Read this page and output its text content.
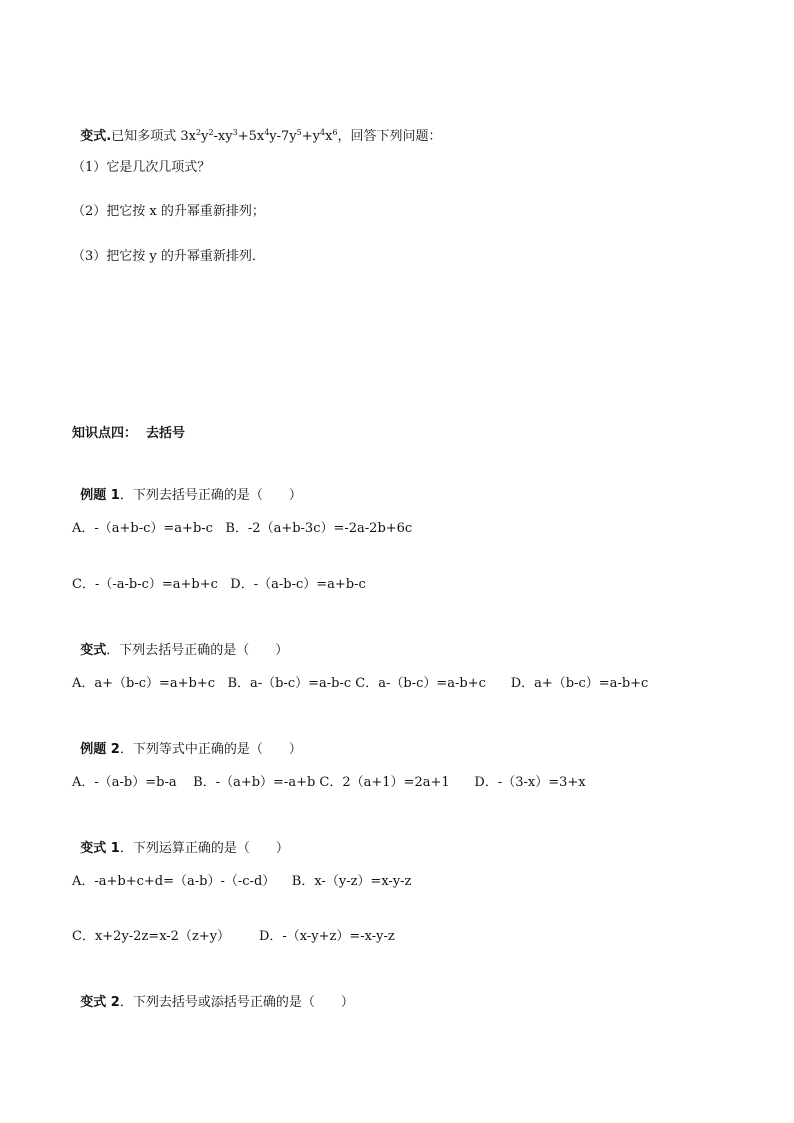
变式.已知多项式 $3x^2y^2-xy^3+5x^4y-7y^5+y^4x^6$，回答下列问题：

（1）它是几次几项式？
（2）把它按 x 的升幂重新排列；
（3）把它按 y 的升幂重新排列．
知识点四：  去括号

例题 1．下列去括号正确的是（　　）

A．-（a+b-c）=a+b-c   B．-2（a+b-3c）=-2a-2b+6c
C．-（-a-b-c）=a+b+c   D．-（a-b-c）=a+b-c

变式．下列去括号正确的是（　　）

A．a+（b-c）=a+b+c   B．a-（b-c）=a-b-c C．a-（b-c）=a-b+c      D．a+（b-c）=a-b+c

例题 2．下列等式中正确的是（　　）

A．-（a-b）=b-a    B．-（a+b）=-a+b C．2（a+1）=2a+1      D．-（3-x）=3+x

变式 1．下列运算正确的是（　　）

A．-a+b+c+d=（a-b）-（-c-d）    B．x-（y-z）=x-y-z
C．x+2y-2z=x-2（z+y）       D．-（x-y+z）=-x-y-z

变式 2．下列去括号或添括号正确的是（　　）
